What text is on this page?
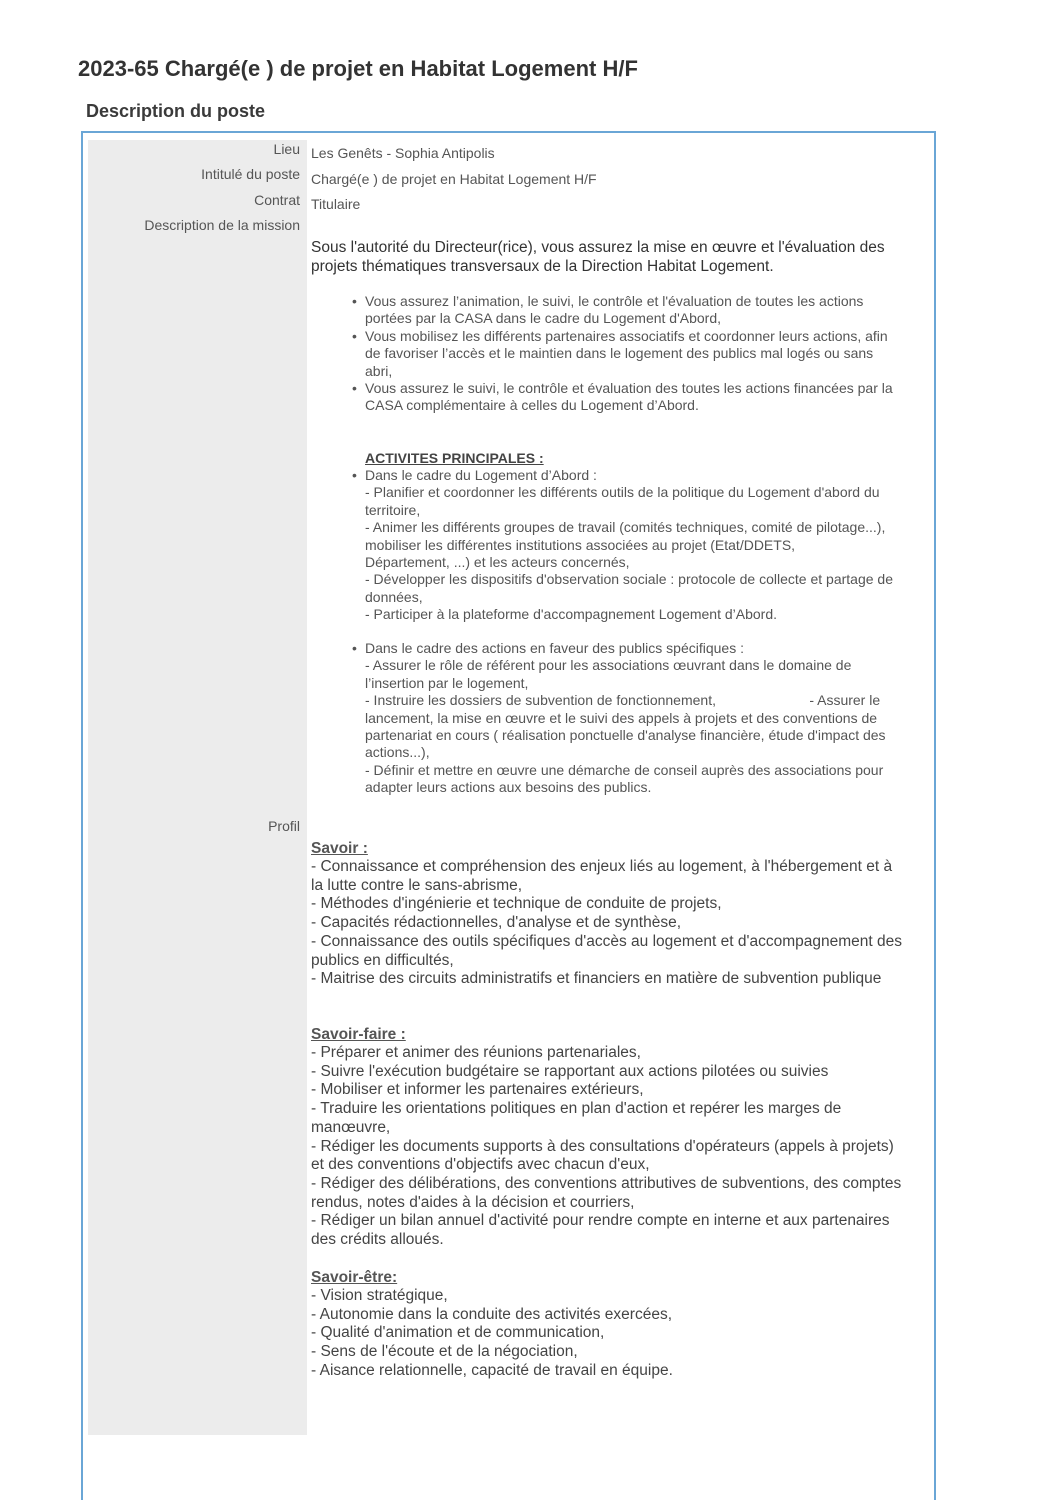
2023-65 Chargé(e ) de projet en Habitat Logement H/F
Description du poste
Lieu Les Genêts - Sophia Antipolis
Intitulé du poste Chargé(e ) de projet en Habitat Logement H/F
Contrat Titulaire
Description de la mission

Sous l'autorité du Directeur(rice), vous assurez la mise en œuvre et l'évaluation des

projets thématiques transversaux de la Direction Habitat Logement.

• Vous assurez l’animation, le suivi, le contrôle et l'évaluation de toutes les actions
portées par la CASA dans le cadre du Logement d'Abord,
• Vous mobilisez les différents partenaires associatifs et coordonner leurs actions, afin
de favoriser l’accès et le maintien dans le logement des publics mal logés ou sans
abri,
• Vous assurez le suivi, le contrôle et évaluation des toutes les actions financées par la
CASA complémentaire à celles du Logement d’Abord.
ACTIVITES PRINCIPALES :
• Dans le cadre du Logement d’Abord :
- Planifier et coordonner les différents outils de la politique du Logement d'abord du
territoire,
- Animer les différents groupes de travail (comités techniques, comité de pilotage...),
mobiliser les différentes institutions associées au projet (Etat/DDETS,
Département, ...) et les acteurs concernés,
- Développer les dispositifs d'observation sociale : protocole de collecte et partage de
données,
- Participer à la plateforme d'accompagnement Logement d’Abord.
• Dans le cadre des actions en faveur des publics spécifiques :
- Assurer le rôle de référent pour les associations œuvrant dans le domaine de
l’insertion par le logement,
- Instruire les dossiers de subvention de fonctionnement,                        - Assurer le
lancement, la mise en œuvre et le suivi des appels à projets et des conventions de
partenariat en cours ( réalisation ponctuelle d'analyse financière, étude d'impact des
actions...),
- Définir et mettre en œuvre une démarche de conseil auprès des associations pour
adapter leurs actions aux besoins des publics.
Profil

Savoir :

- Connaissance et compréhension des enjeux liés au logement, à l'hébergement et à

la lutte contre le sans-abrisme,

- Méthodes d'ingénierie et technique de conduite de projets,

- Capacités rédactionnelles, d'analyse et de synthèse,

- Connaissance des outils spécifiques d'accès au logement et d'accompagnement des

publics en difficultés,

- Maitrise des circuits administratifs et financiers en matière de subvention publique

Savoir-faire :

- Préparer et animer des réunions partenariales,

- Suivre l'exécution budgétaire se rapportant aux actions pilotées ou suivies

- Mobiliser et informer les partenaires extérieurs,

- Traduire les orientations politiques en plan d'action et repérer les marges de

manœuvre,

- Rédiger les documents supports à des consultations d'opérateurs (appels à projets)

et des conventions d'objectifs avec chacun d'eux,

- Rédiger des délibérations, des conventions attributives de subventions, des comptes

rendus, notes d'aides à la décision et courriers,

- Rédiger un bilan annuel d'activité pour rendre compte en interne et aux partenaires

des crédits alloués.

Savoir-être:

- Vision stratégique,

- Autonomie dans la conduite des activités exercées,

- Qualité d'animation et de communication,

- Sens de l'écoute et de la négociation,

- Aisance relationnelle, capacité de travail en équipe.
